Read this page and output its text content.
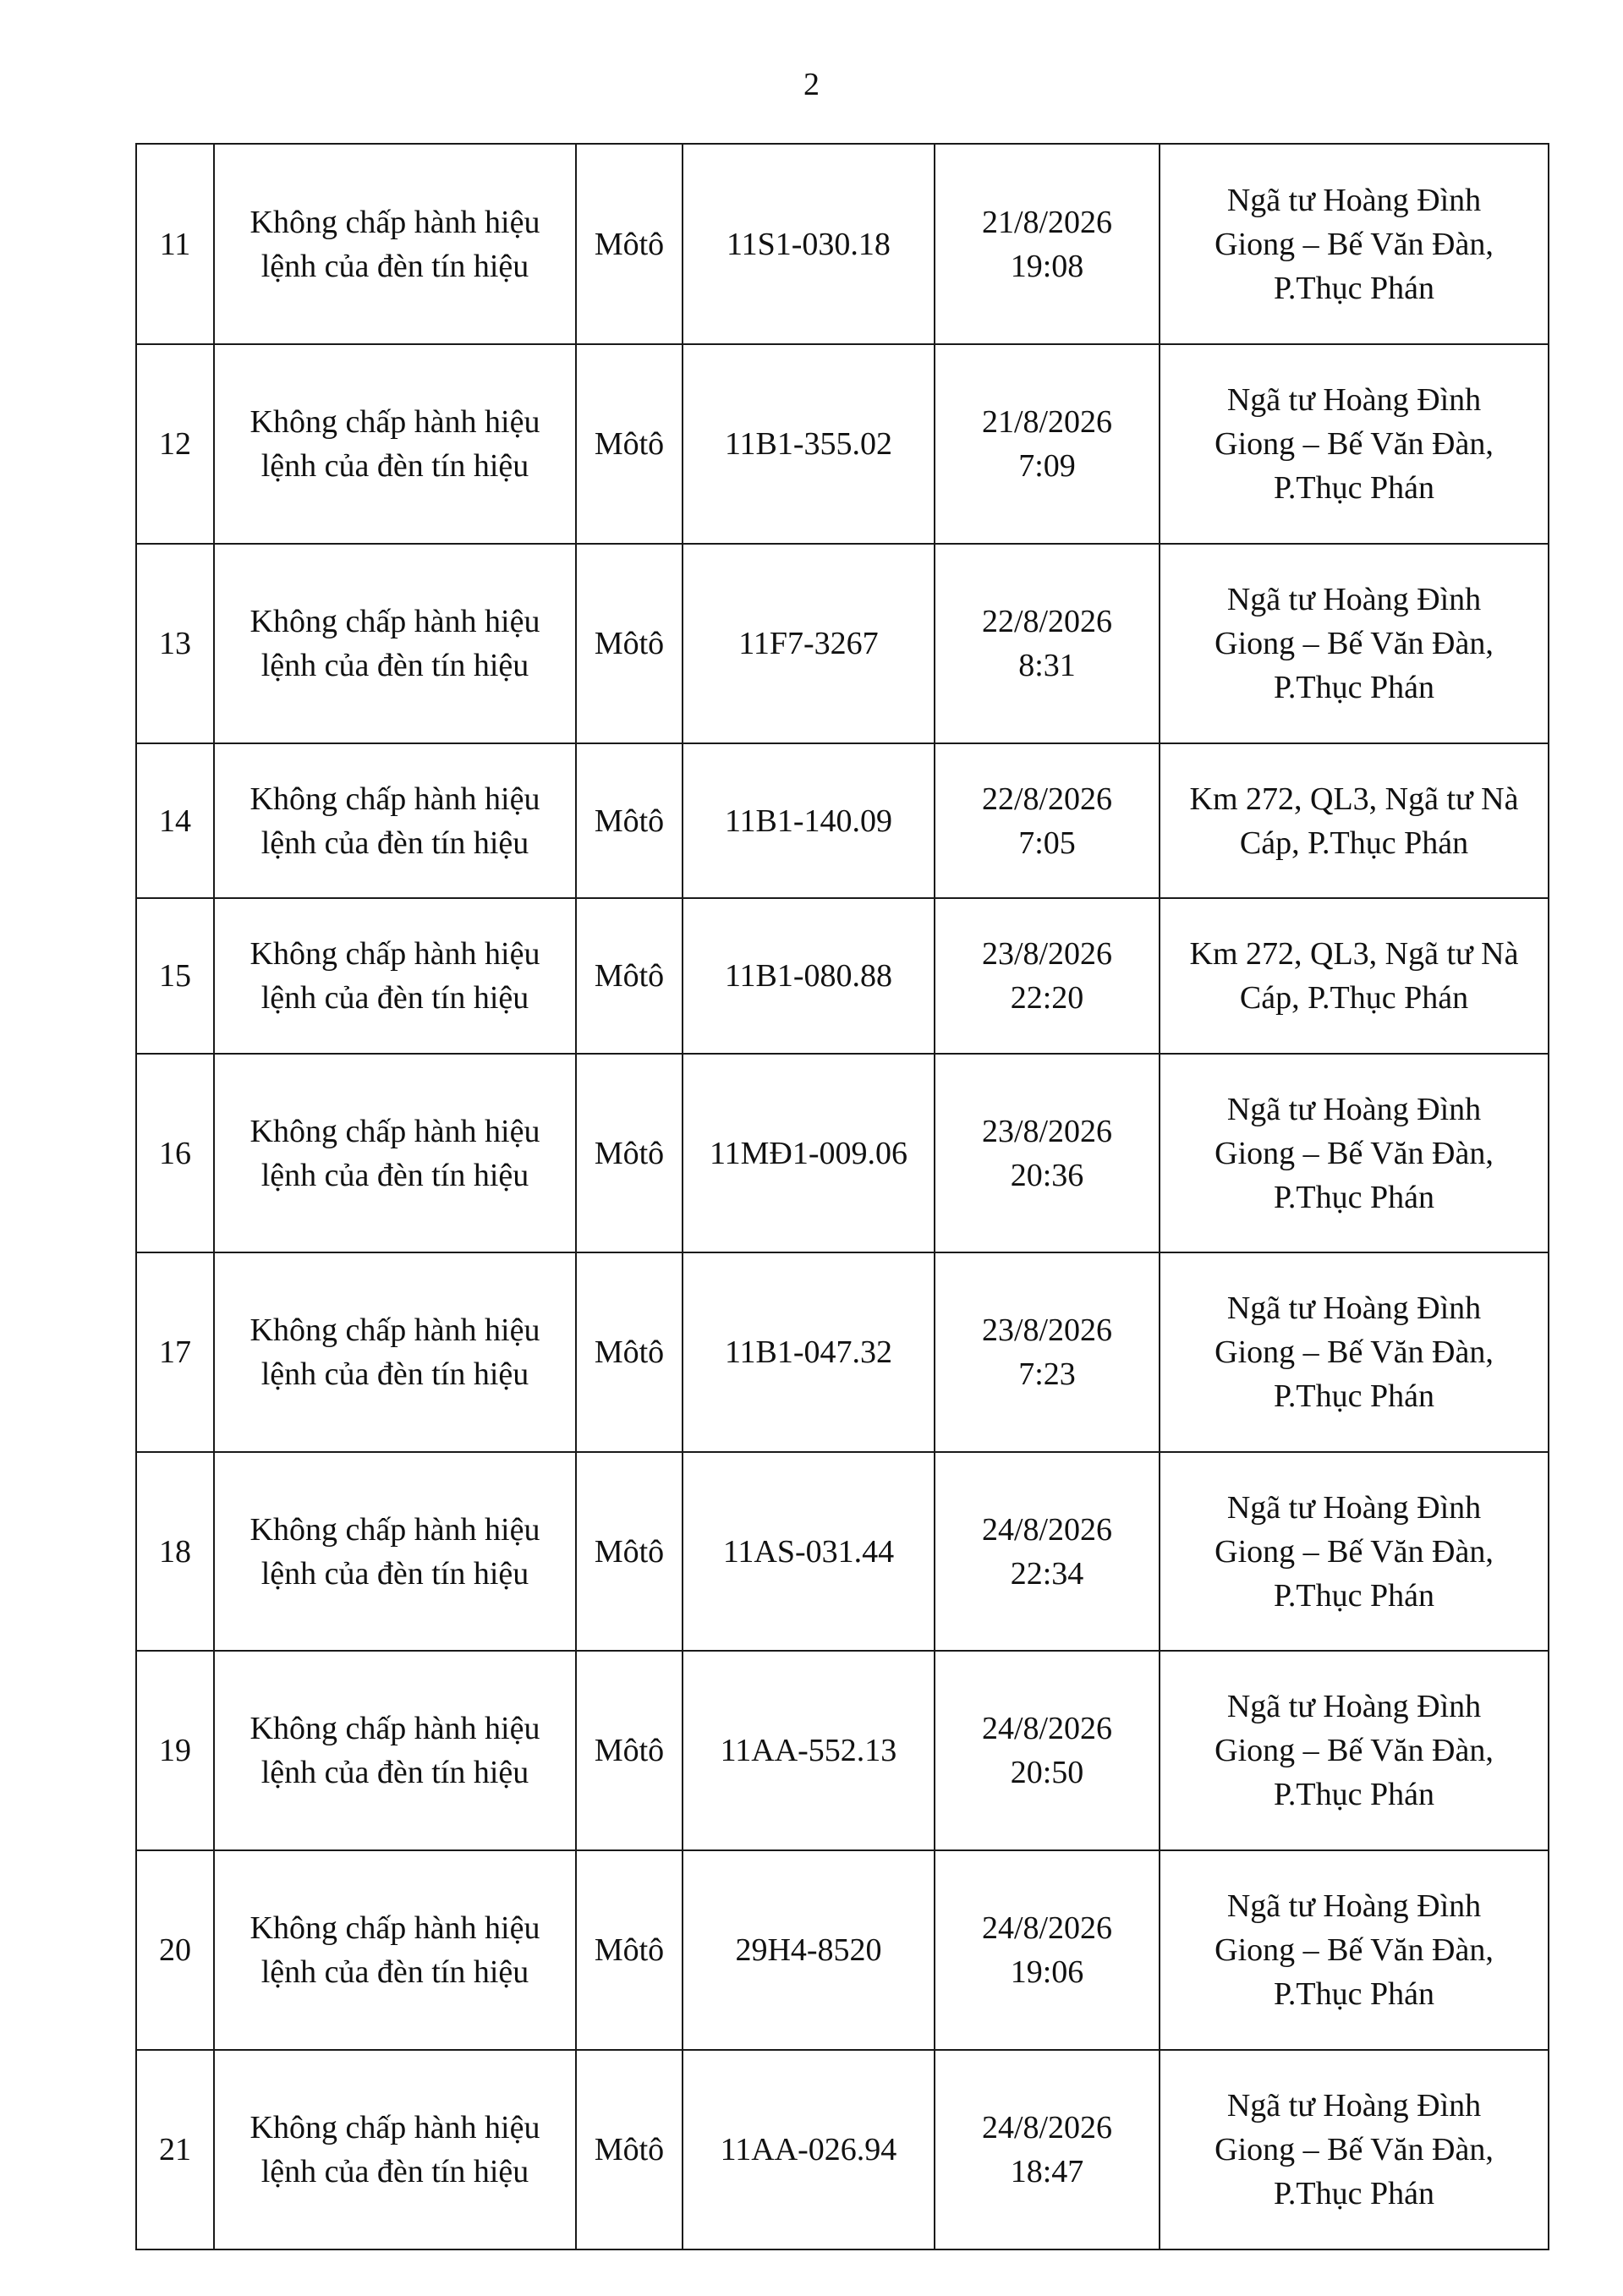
2
11	Không chấp hành hiệu
lệnh của đèn tín hiệu	Môtô	11S1-030.18	21/8/2026
19:08	Ngã tư Hoàng Đình
Giong – Bế Văn Đàn,
P.Thục Phán

12	Không chấp hành hiệu
lệnh của đèn tín hiệu	Môtô	11B1-355.02	21/8/2026
7:09	Ngã tư Hoàng Đình
Giong – Bế Văn Đàn,
P.Thục Phán

13	Không chấp hành hiệu
lệnh của đèn tín hiệu	Môtô	11F7-3267	22/8/2026
8:31	Ngã tư Hoàng Đình
Giong – Bế Văn Đàn,
P.Thục Phán

14	Không chấp hành hiệu
lệnh của đèn tín hiệu	Môtô	11B1-140.09	22/8/2026
7:05	Km 272, QL3, Ngã tư Nà
Cáp, P.Thục Phán

15	Không chấp hành hiệu
lệnh của đèn tín hiệu	Môtô	11B1-080.88	23/8/2026
22:20	Km 272, QL3, Ngã tư Nà
Cáp, P.Thục Phán

16	Không chấp hành hiệu
lệnh của đèn tín hiệu	Môtô	11MĐ1-009.06	23/8/2026
20:36	Ngã tư Hoàng Đình
Giong – Bế Văn Đàn,
P.Thục Phán

17	Không chấp hành hiệu
lệnh của đèn tín hiệu	Môtô	11B1-047.32	23/8/2026
7:23	Ngã tư Hoàng Đình
Giong – Bế Văn Đàn,
P.Thục Phán

18	Không chấp hành hiệu
lệnh của đèn tín hiệu	Môtô	11AS-031.44	24/8/2026
22:34	Ngã tư Hoàng Đình
Giong – Bế Văn Đàn,
P.Thục Phán

19	Không chấp hành hiệu
lệnh của đèn tín hiệu	Môtô	11AA-552.13	24/8/2026
20:50	Ngã tư Hoàng Đình
Giong – Bế Văn Đàn,
P.Thục Phán

20	Không chấp hành hiệu
lệnh của đèn tín hiệu	Môtô	29H4-8520	24/8/2026
19:06	Ngã tư Hoàng Đình
Giong – Bế Văn Đàn,
P.Thục Phán

21	Không chấp hành hiệu
lệnh của đèn tín hiệu	Môtô	11AA-026.94	24/8/2026
18:47	Ngã tư Hoàng Đình
Giong – Bế Văn Đàn,
P.Thục Phán
